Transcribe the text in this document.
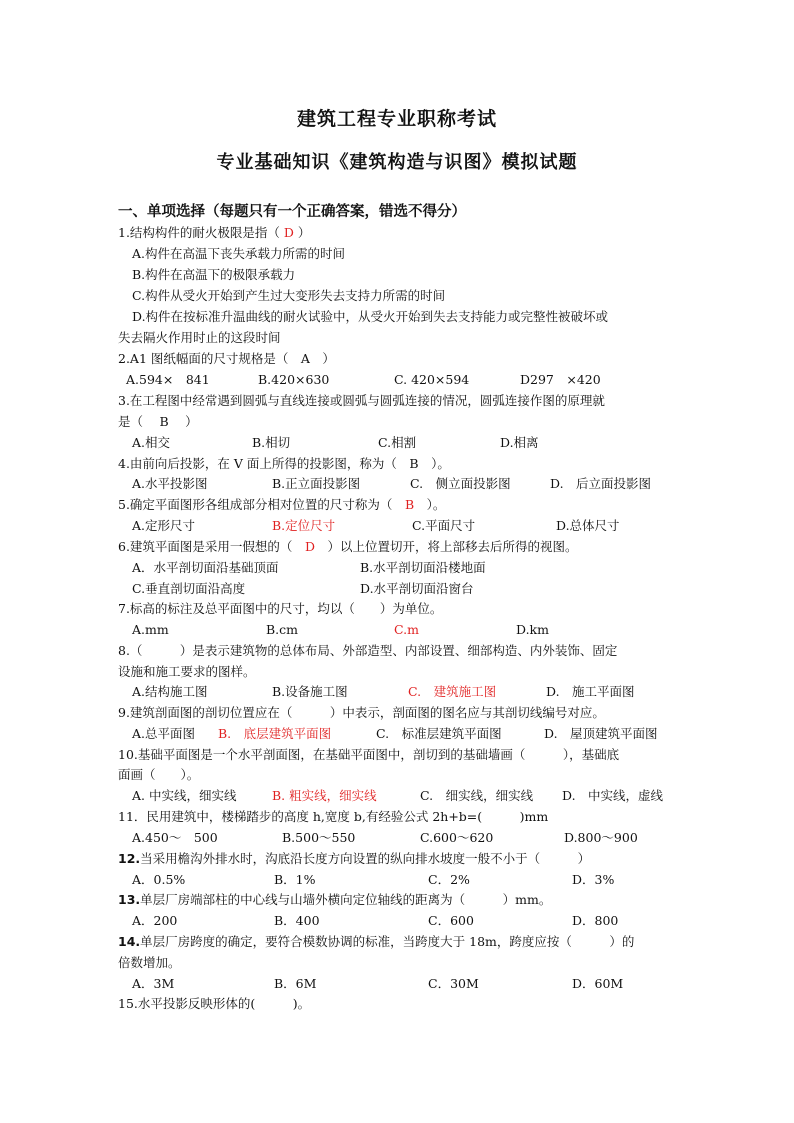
建筑工程专业职称考试
专业基础知识《建筑构造与识图》模拟试题
一、单项选择（每题只有一个正确答案，错选不得分）
1.结构构件的耐火极限是指（ D ）
A.构件在高温下丧失承载力所需的时间
B.构件在高温下的极限承载力
C.构件从受火开始到产生过大变形失去支持力所需的时间
D.构件在按标准升温曲线的耐火试验中，从受火开始到失去支持能力或完整性被破坏或
失去隔火作用时止的这段时间
2.A1 图纸幅面的尺寸规格是（　A　）
A.594×　841	B.420×630	C. 420×594	D297　×420
3.在工程图中经常遇到圆弧与直线连接或圆弧与圆弧连接的情况，圆弧连接作图的原理就
是（　 B　 ）
A.相交	B.相切	C.相割	D.相离
4.由前向后投影，在 V 面上所得的投影图，称为（　B　）。
A.水平投影图	B.正立面投影图	C.　侧立面投影图	D.　后立面投影图
5.确定平面图形各组成部分相对位置的尺寸称为（　B　）。
A.定形尺寸	B.定位尺寸	C.平面尺寸	D.总体尺寸
6.建筑平面图是采用一假想的（　D　）以上位置切开，将上部移去后所得的视图。
A．水平剖切面沿基础顶面	B.水平剖切面沿楼地面
C.垂直剖切面沿高度	D.水平剖切面沿窗台
7.标高的标注及总平面图中的尺寸，均以（　　）为单位。
A.mm	B.cm	C.m	D.km
8.（　　　）是表示建筑物的总体布局、外部造型、内部设置、细部构造、内外装饰、固定
设施和施工要求的图样。
A.结构施工图	B.设备施工图	C.　建筑施工图	D.　施工平面图
9.建筑剖面图的剖切位置应在（　　　）中表示，剖面图的图名应与其剖切线编号对应。
A.总平面图 B.　底层建筑平面图	C.　标准层建筑平面图	D.　屋顶建筑平面图
10.基础平面图是一个水平剖面图，在基础平面图中，剖切到的基础墙画（　　　），基础底
面画（　　）。
A. 中实线，细实线	B. 粗实线，细实线	C.　细实线，细实线 D.　中实线，虚线
11．民用建筑中，楼梯踏步的高度 h,宽度 b,有经验公式 2h+b=(　　　)mm
A.450～　500	B.500～550	C.600～620	D.800～900
12.当采用檐沟外排水时，沟底沿长度方向设置的纵向排水坡度一般不小于（　　　）
A．0.5%	B．1%	C．2%	D．3%
13.单层厂房端部柱的中心线与山墙外横向定位轴线的距离为（　　　）mm。
A．200	B．400	C．600	D．800
14.单层厂房跨度的确定，要符合模数协调的标准，当跨度大于 18m，跨度应按（　　　）的
倍数增加。
A．3M	B．6M	C．30M	D．60M
15.水平投影反映形体的(　　　)。
